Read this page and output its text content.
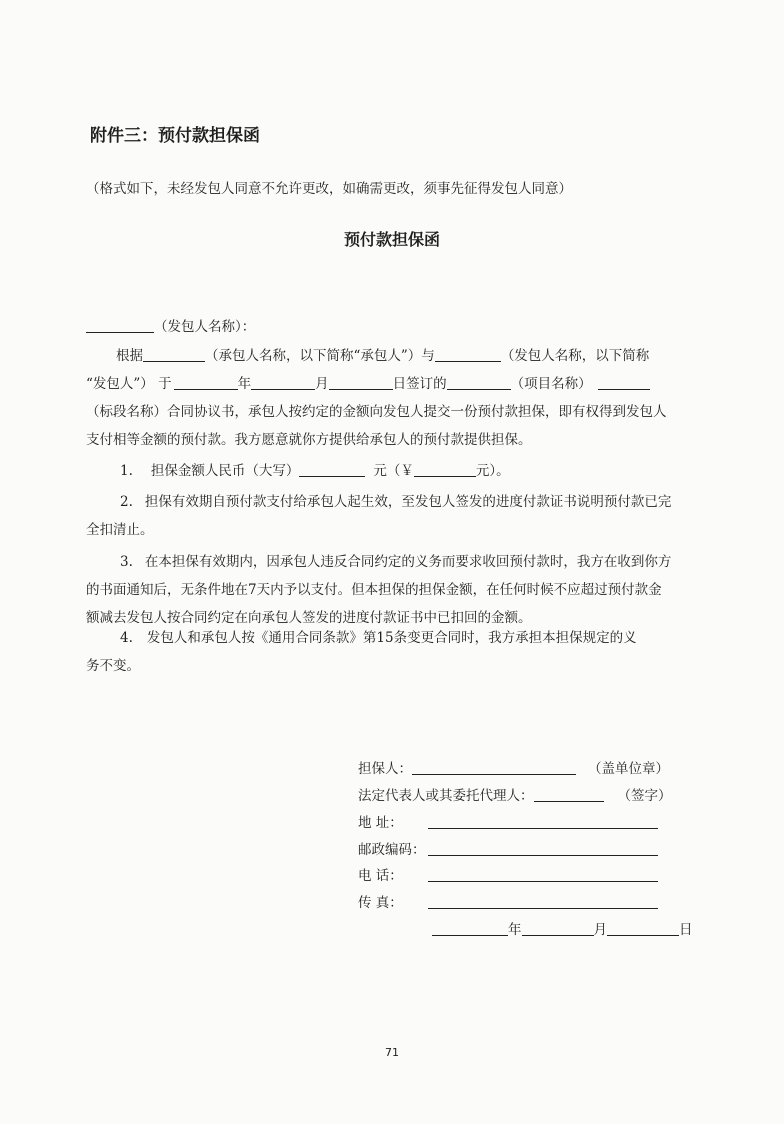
附件三：预付款担保函
（格式如下，未经发包人同意不允许更改，如确需更改，须事先征得发包人同意）
预付款担保函
（发包人名称）：
根据	（承包人名称，以下简称“承包人”）与	（发包人名称，以下简称
“发包人”） 于	年	月	日签订的	（项目名称）
（标段名称）合同协议书，承包人按约定的金额向发包人提交一份预付款担保，即有权得到发包人
支付相等金额的预付款。我方愿意就你方提供给承包人的预付款提供担保。
1. 担保金额人民币（大写）	元（￥	元）。
2. 担保有效期自预付款支付给承包人起生效，至发包人签发的进度付款证书说明预付款已完
全扣清止。
3. 在本担保有效期内，因承包人违反合同约定的义务而要求收回预付款时，我方在收到你方
的书面通知后，无条件地在7天内予以支付。但本担保的担保金额，在任何时候不应超过预付款金
额减去发包人按合同约定在向承包人签发的进度付款证书中已扣回的金额。
4. 发包人和承包人按《通用合同条款》第15条变更合同时，我方承担本担保规定的义
务不变。
担保人：	（盖单位章）
法定代表人或其委托代理人：	（签字）
地 址：
邮政编码：
电 话：
传 真：
年	月	日
71
